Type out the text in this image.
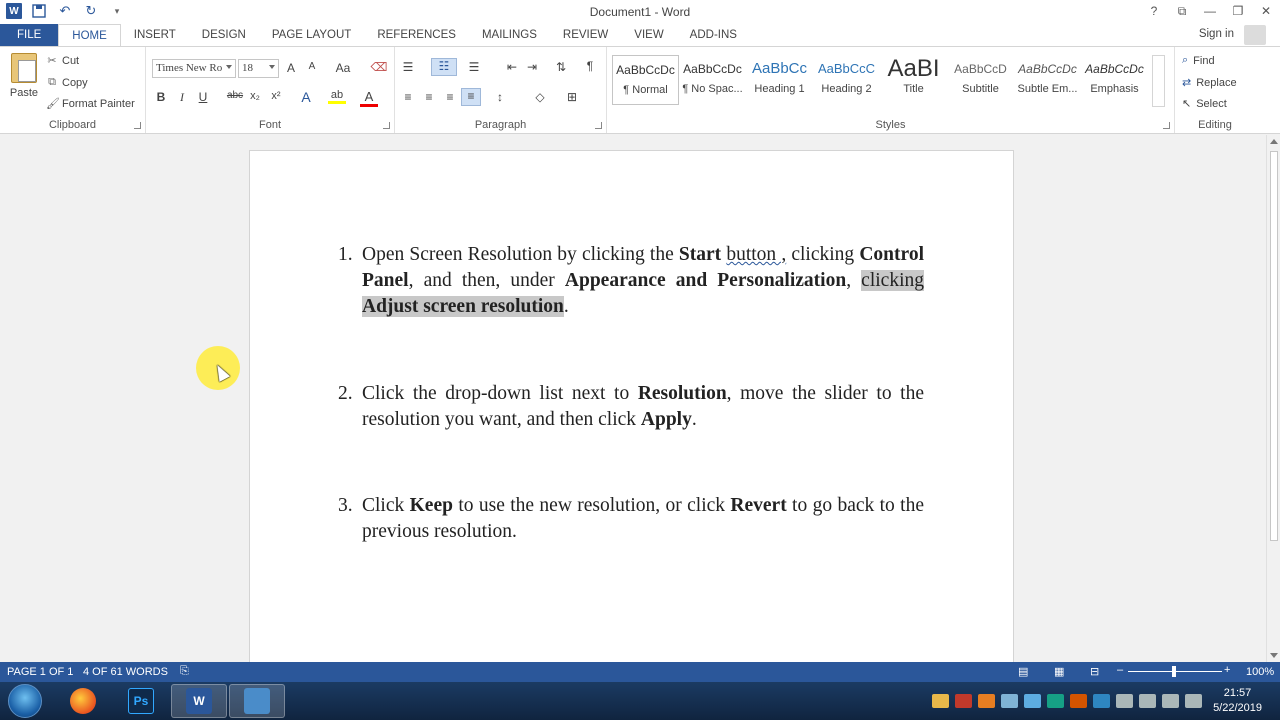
W	↶ ↻	▾	Document1 - Word	?	⧉	—	❐	✕
FILE	HOME	INSERT	DESIGN	PAGE LAYOUT	REFERENCES	MAILINGS	REVIEW	VIEW	ADD-INS	Sign in
Paste
✂ Cut
⧉ Copy
🖌 Format Painter
Clipboard
Times New Ro	18	A	A	Aa	⌫
B	I	U	abc x₂	x²	A	ab	A
Font
☰	☷	☰	⇤ ⇥	⇅	¶
≡	≡	≡	≡	↕	◇	⊞
Paragraph	Styles
AaBbCcDc
¶ Normal
AaBbCcDc
¶ No Spac...
AaBbCc
Heading 1
AaBbCcC
Heading 2
AaBI
Title
AaBbCcD
Subtitle
AaBbCcDc
Subtle Em...
AaBbCcDc
Emphasis
Editing
⌕ Find
⇄ Replace
↖ Select
1. Open Screen Resolution by clicking the Start button , clicking Control Panel, and then, under Appearance and Personalization, clicking Adjust screen resolution.
2. Click the drop-down list next to Resolution, move the slider to the resolution you want, and then click Apply.
3. Click Keep to use the new resolution, or click Revert to go back to the previous resolution.
PAGE 1 OF 1 4 OF 61 WORDS ⎘	▤ ▦ ⊟ –	+ 100%
Ps	W
21:57
5/22/2019
